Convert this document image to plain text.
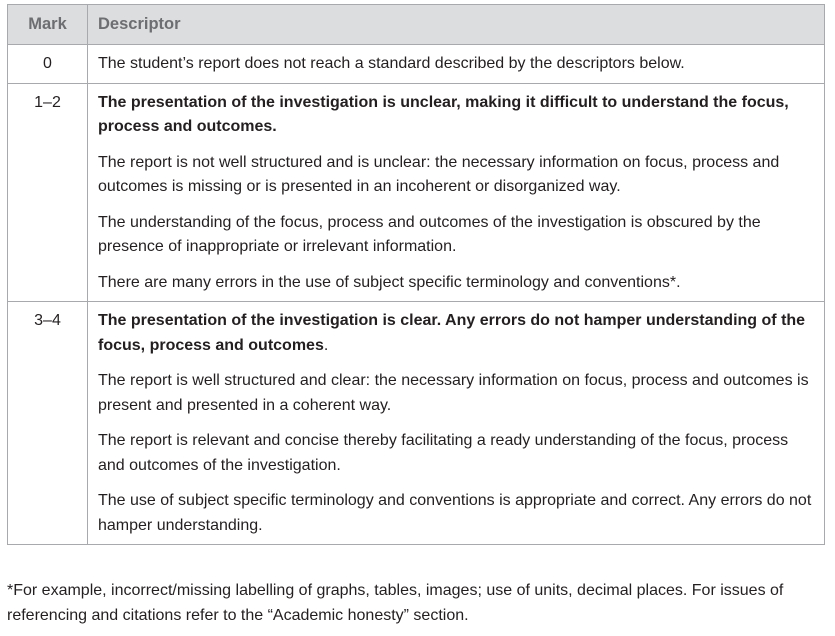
Mark	Descriptor
0	The student’s report does not reach a standard described by the descriptors below.

1–2	The presentation of the investigation is unclear, making it difficult to understand the focus, process and outcomes.

The report is not well structured and is unclear: the necessary information on focus, process and outcomes is missing or is presented in an incoherent or disorganized way.

The understanding of the focus, process and outcomes of the investigation is obscured by the presence of inappropriate or irrelevant information.

There are many errors in the use of subject specific terminology and conventions*.

3–4	The presentation of the investigation is clear. Any errors do not hamper understanding of the focus, process and outcomes.

The report is well structured and clear: the necessary information on focus, process and outcomes is present and presented in a coherent way.

The report is relevant and concise thereby facilitating a ready understanding of the focus, process and outcomes of the investigation.

The use of subject specific terminology and conventions is appropriate and correct. Any errors do not hamper understanding.

*For example, incorrect/missing labelling of graphs, tables, images; use of units, decimal places. For issues of referencing and citations refer to the “Academic honesty” section.
